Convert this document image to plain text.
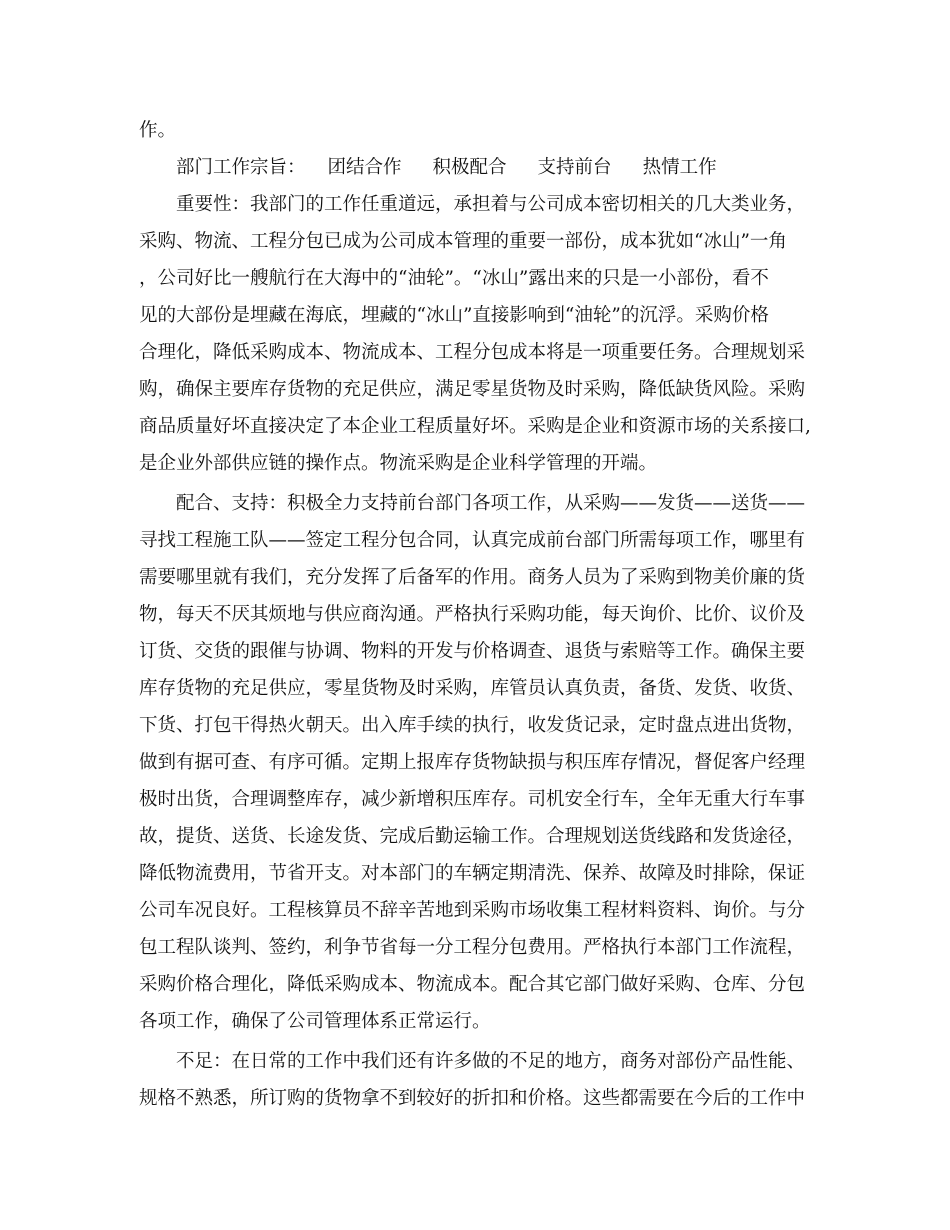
作。
部门工作宗旨： 团结合作 积极配合 支持前台 热情工作
重要性：我部门的工作任重道远，承担着与公司成本密切相关的几大类业务，
采购、物流、工程分包已成为公司成本管理的重要一部份，成本犹如“冰山”一角
，公司好比一艘航行在大海中的“油轮”。“冰山”露出来的只是一小部份，看不
见的大部份是埋藏在海底，埋藏的“冰山”直接影响到“油轮”的沉浮。采购价格
合理化，降低采购成本、物流成本、工程分包成本将是一项重要任务。合理规划采
购，确保主要库存货物的充足供应，满足零星货物及时采购，降低缺货风险。采购
商品质量好坏直接决定了本企业工程质量好坏。采购是企业和资源市场的关系接口,
是企业外部供应链的操作点。物流采购是企业科学管理的开端。
配合、支持：积极全力支持前台部门各项工作，从采购——发货——送货——
寻找工程施工队——签定工程分包合同，认真完成前台部门所需每项工作，哪里有
需要哪里就有我们，充分发挥了后备军的作用。商务人员为了采购到物美价廉的货
物，每天不厌其烦地与供应商沟通。严格执行采购功能，每天询价、比价、议价及
订货、交货的跟催与协调、物料的开发与价格调查、退货与索赔等工作。确保主要
库存货物的充足供应，零星货物及时采购，库管员认真负责，备货、发货、收货、
下货、打包干得热火朝天。出入库手续的执行，收发货记录，定时盘点进出货物，
做到有据可查、有序可循。定期上报库存货物缺损与积压库存情况，督促客户经理
极时出货，合理调整库存，减少新增积压库存。司机安全行车，全年无重大行车事
故，提货、送货、长途发货、完成后勤运输工作。合理规划送货线路和发货途径，
降低物流费用，节省开支。对本部门的车辆定期清洗、保养、故障及时排除，保证
公司车况良好。工程核算员不辞辛苦地到采购市场收集工程材料资料、询价。与分
包工程队谈判、签约，利争节省每一分工程分包费用。严格执行本部门工作流程，
采购价格合理化，降低采购成本、物流成本。配合其它部门做好采购、仓库、分包
各项工作，确保了公司管理体系正常运行。
不足：在日常的工作中我们还有许多做的不足的地方，商务对部份产品性能、
规格不熟悉，所订购的货物拿不到较好的折扣和价格。这些都需要在今后的工作中
